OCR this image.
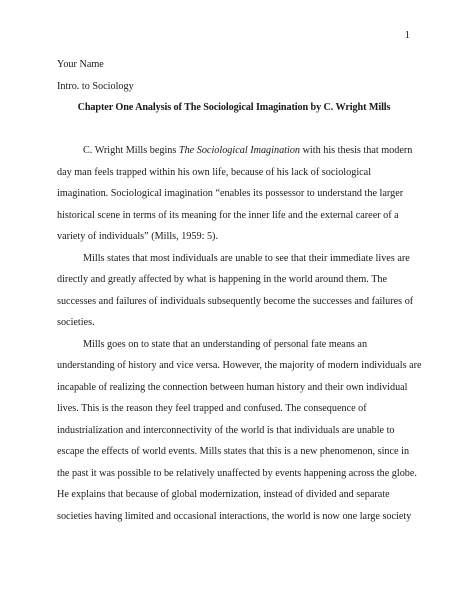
1

Your Name

Intro. to Sociology

Chapter One Analysis of The Sociological Imagination by C. Wright Mills

C. Wright Mills begins The Sociological Imagination with his thesis that modern
day man feels trapped within his own life, because of his lack of sociological
imagination. Sociological imagination “enables its possessor to understand the larger
historical scene in terms of its meaning for the inner life and the external career of a
variety of individuals” (Mills, 1959: 5).
Mills states that most individuals are unable to see that their immediate lives are
directly and greatly affected by what is happening in the world around them. The
successes and failures of individuals subsequently become the successes and failures of
societies.
Mills goes on to state that an understanding of personal fate means an
understanding of history and vice versa. However, the majority of modern individuals are
incapable of realizing the connection between human history and their own individual
lives. This is the reason they feel trapped and confused. The consequence of
industrialization and interconnectivity of the world is that individuals are unable to
escape the effects of world events. Mills states that this is a new phenomenon, since in
the past it was possible to be relatively unaffected by events happening across the globe.
He explains that because of global modernization, instead of divided and separate
societies having limited and occasional interactions, the world is now one large society
